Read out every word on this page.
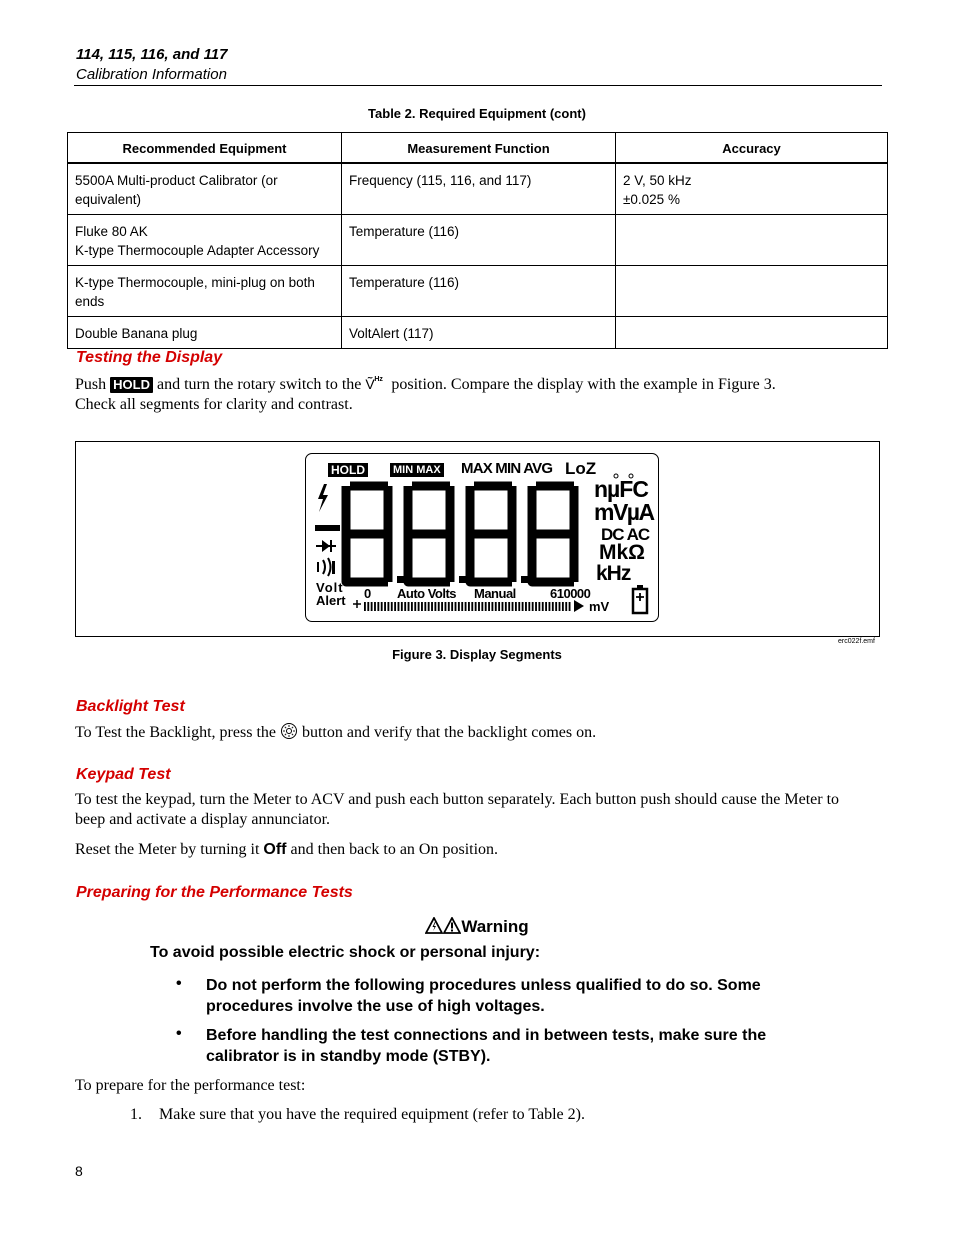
114, 115, 116, and 117
Calibration Information
Table 2. Required Equipment (cont)
Recommended Equipment	Measurement Function	Accuracy
5500A Multi-product Calibrator (or equivalent)	Frequency (115, 116, and 117)	2 V, 50 kHz
±0.025 %

Fluke 80 AK
K-type Thermocouple Adapter Accessory	Temperature (116)	
K-type Thermocouple, mini-plug on both ends	Temperature (116)	
Double Banana plug	VoltAlert (117)	
Testing the Display
Push HOLD and turn the rotary switch to the Ṽ Hz position. Compare the display with the example in Figure 3.
Check all segments for clarity and contrast.
HOLD	MIN MAX MAX MIN AVG LoZ
nµFC
mVµA
DC AC
MkΩ
kHz
Volt
Alert 0 Auto Volts Manual	610000
mV
erc022f.emf
Figure 3. Display Segments
Backlight Test
To Test the Backlight, press the button and verify that the backlight comes on.
Keypad Test
To test the keypad, turn the Meter to ACV and push each button separately. Each button push should cause the Meter to beep and activate a display annunciator.
Reset the Meter by turning it Off and then back to an On position.
Preparing for the Performance Tests
Warning
To avoid possible electric shock or personal injury:
• Do not perform the following procedures unless qualified to do so. Some procedures involve the use of high voltages.
• Before handling the test connections and in between tests, make sure the calibrator is in standby mode (STBY).
To prepare for the performance test:
1.	Make sure that you have the required equipment (refer to Table 2).
8
